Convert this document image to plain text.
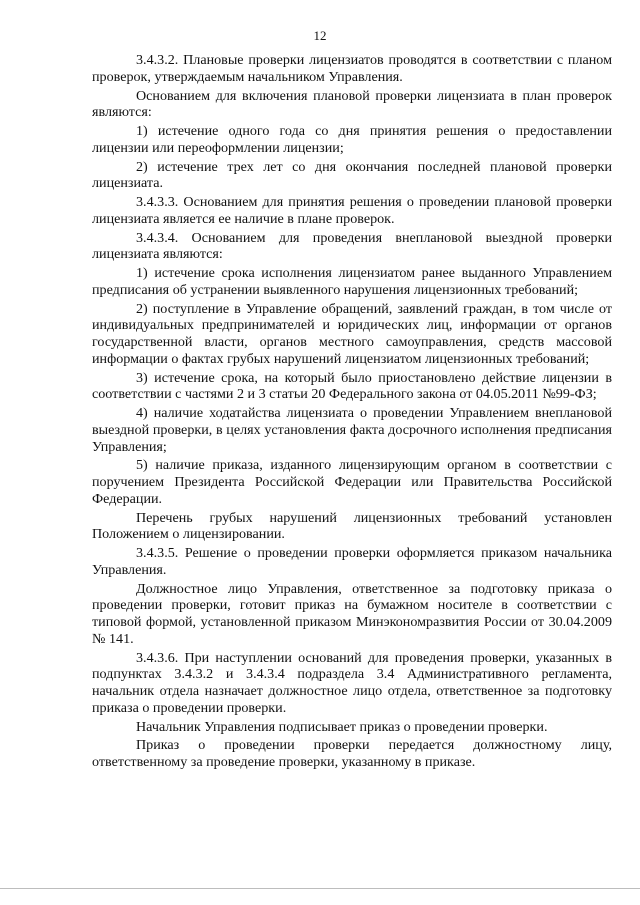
12

3.4.3.2. Плановые проверки лицензиатов проводятся в соответствии с планом проверок, утверждаемым начальником Управления.

Основанием для включения плановой проверки лицензиата в план проверок являются:

1) истечение одного года со дня принятия решения о предоставлении лицензии или переоформлении лицензии;

2) истечение трех лет со дня окончания последней плановой проверки лицензиата.

3.4.3.3. Основанием для принятия решения о проведении плановой проверки лицензиата является ее наличие в плане проверок.

3.4.3.4. Основанием для проведения внеплановой выездной проверки лицензиата являются:

1) истечение срока исполнения лицензиатом ранее выданного Управлением предписания об устранении выявленного нарушения лицензионных требований;

2) поступление в Управление обращений, заявлений граждан, в том числе от индивидуальных предпринимателей и юридических лиц, информации от органов государственной власти, органов местного самоуправления, средств массовой информации о фактах грубых нарушений лицензиатом лицензионных требований;

3) истечение срока, на который было приостановлено действие лицензии в соответствии с частями 2 и 3 статьи 20 Федерального закона от 04.05.2011 №99-ФЗ;

4) наличие ходатайства лицензиата о проведении Управлением внеплановой выездной проверки, в целях установления факта досрочного исполнения предписания Управления;

5) наличие приказа, изданного лицензирующим органом в соответствии с поручением Президента Российской Федерации или Правительства Российской Федерации.

Перечень грубых нарушений лицензионных требований установлен Положением о лицензировании.

3.4.3.5. Решение о проведении проверки оформляется приказом начальника Управления.

Должностное лицо Управления, ответственное за подготовку приказа о проведении проверки, готовит приказ на бумажном носителе в соответствии с типовой формой, установленной приказом Минэкономразвития России от 30.04.2009 № 141.

3.4.3.6. При наступлении оснований для проведения проверки, указанных в подпунктах 3.4.3.2 и 3.4.3.4 подраздела 3.4 Административного регламента, начальник отдела назначает должностное лицо отдела, ответственное за подготовку приказа о проведении проверки.

Начальник Управления подписывает приказ о проведении проверки.

Приказ о проведении проверки передается должностному лицу, ответственному за проведение проверки, указанному в приказе.
